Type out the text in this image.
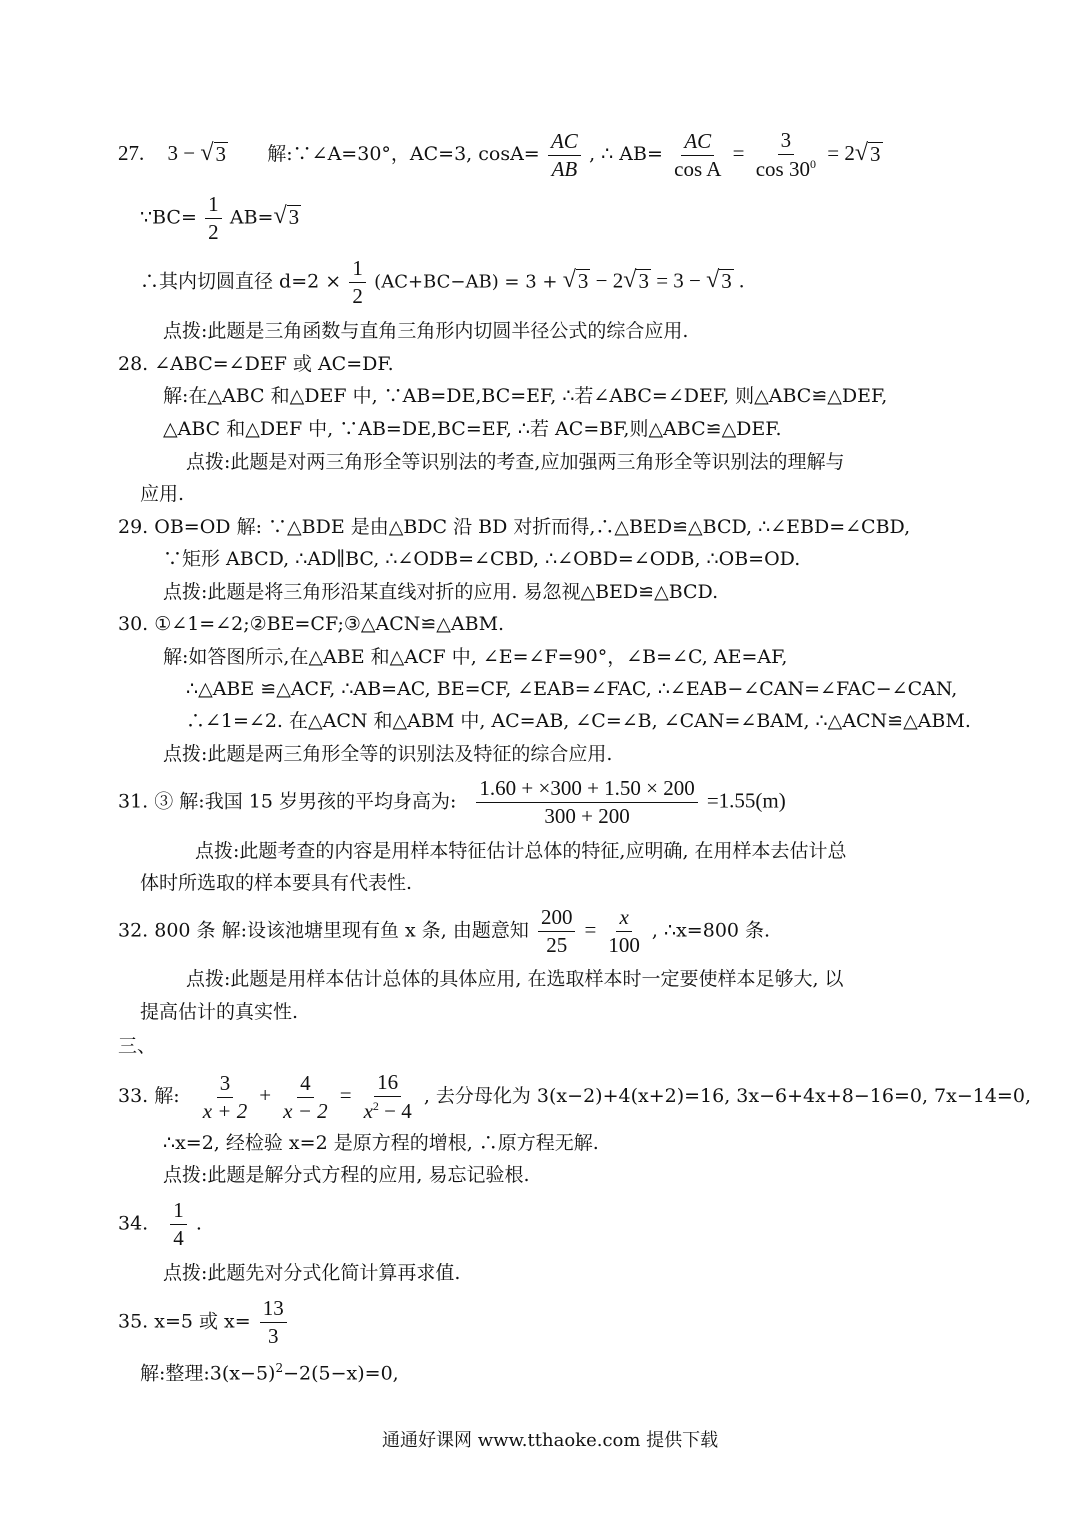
27. 3 − √ 3 解:∵∠A=30°，AC=3, $\cos A= \frac{AC}{AB}$ , ∴ $AB= \frac{AC}{\text{cos A}} = \frac{3}{\cos 30^0} = 2$ √ 3
∵BC= $\frac{1}{2} AB=$ √ 3
∴其内切圆直径 $d=2 \times \frac{1}{2} (AC+BC-AB) = 3$ + √ 3 − 2 √ 3 = 3 − √ 3 .
点拨:此题是三角函数与直角三角形内切圆半径公式的综合应用.
28. ∠ABC=∠DEF 或 AC=DF.
解:在△ABC 和△DEF 中, ∵AB=DE,BC=EF, ∴若∠ABC=∠DEF, 则△ABC≌△DEF,
△ABC 和△DEF 中, ∵AB=DE,BC=EF, ∴若 AC=BF,则△ABC≌△DEF.
点拨:此题是对两三角形全等识别法的考查,应加强两三角形全等识别法的理解与
应用.
29. OB=OD 解: ∵△BDE 是由△BDC 沿 BD 对折而得,∴△BED≌△BCD, ∴∠EBD=∠CBD,
∵矩形 ABCD, ∴AD∥BC, ∴∠ODB=∠CBD, ∴∠OBD=∠ODB, ∴OB=OD.
点拨:此题是将三角形沿某直线对折的应用. 易忽视△BED≌△BCD.
30. ①∠1=∠2;②BE=CF;③△ACN≌△ABM.
解:如答图所示,在△ABE 和△ACF 中, ∠E=∠F=90°，∠B=∠C, AE=AF,
∴△ABE ≌△ACF, ∴AB=AC, BE=CF, ∠EAB=∠FAC, ∴∠EAB−∠CAN=∠FAC−∠CAN,
∴∠1=∠2. 在△ACN 和△ABM 中, AC=AB, ∠C=∠B, ∠CAN=∠BAM, ∴△ACN≌△ABM.
点拨:此题是两三角形全等的识别法及特征的综合应用.
31. ③ 解:我国 15 岁男孩的平均身高为: $\frac{1.60 + \times 300 + 1.50 \times 200}{300 + 200} =1.55(m)$
点拨:此题考查的内容是用样本特征估计总体的特征,应明确, 在用样本去估计总
体时所选取的样本要具有代表性.
32. 800 条 解:设该池塘里现有鱼 x 条, 由题意知 $\frac{200}{25} = \frac{x}{100}$ , ∴x=800 条.
点拨:此题是用样本估计总体的具体应用, 在选取样本时一定要使样本足够大, 以
提高估计的真实性.
三、
33. 解: $\frac{3}{x + 2} + \frac{4}{x - 2} = \frac{16}{x^2 - 4}$ , 去分母化为 3(x−2)+4(x+2)=16, 3x−6+4x+8−16=0, 7x−14=0,
∴x=2, 经检验 x=2 是原方程的增根, ∴原方程无解.
点拨:此题是解分式方程的应用, 易忘记验根.
34. $\frac{1}{4}$ .
点拨:此题先对分式化简计算再求值.
35. x=5 或 $x= \frac{13}{3}$
解:整理$:3(x-5)^2-2(5-x)=0$,
通通好课网 www.tthaoke.com 提供下载
